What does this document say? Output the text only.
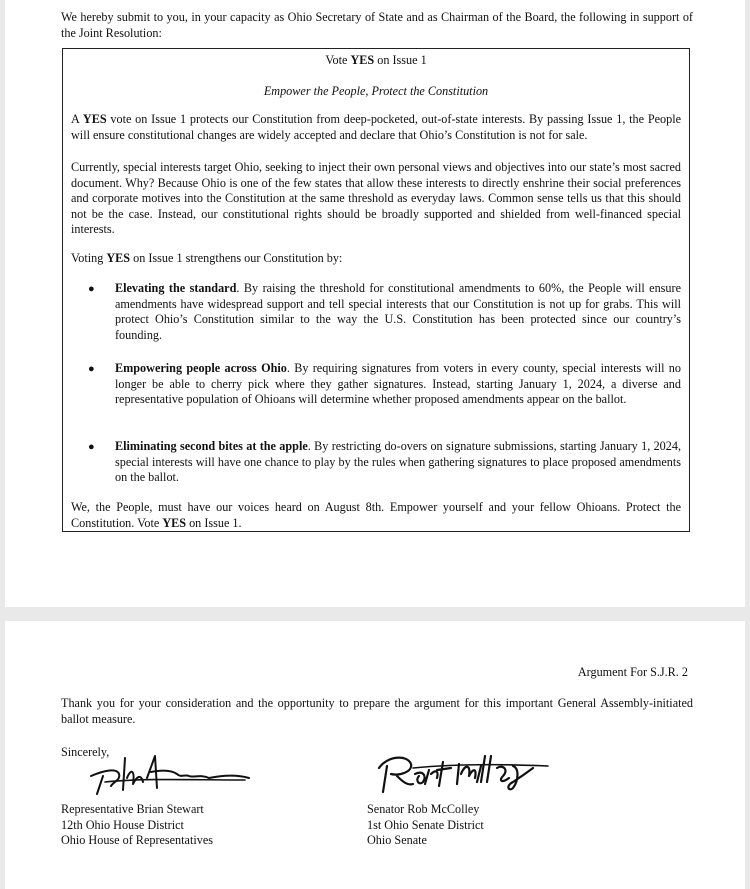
We hereby submit to you, in your capacity as Ohio Secretary of State and as Chairman of the Board, the following in support of the Joint Resolution:

Vote YES on Issue 1
Empower the People, Protect the Constitution

A YES vote on Issue 1 protects our Constitution from deep-pocketed, out-of-state interests. By passing Issue 1, the People will ensure constitutional changes are widely accepted and declare that Ohio’s Constitution is not for sale.

Currently, special interests target Ohio, seeking to inject their own personal views and objectives into our state’s most sacred document. Why? Because Ohio is one of the few states that allow these interests to directly enshrine their social preferences and corporate motives into the Constitution at the same threshold as everyday laws. Common sense tells us that this should not be the case. Instead, our constitutional rights should be broadly supported and shielded from well-financed special interests.

Voting YES on Issue 1 strengthens our Constitution by:

● Elevating the standard. By raising the threshold for constitutional amendments to 60%, the People will ensure amendments have widespread support and tell special interests that our Constitution is not up for grabs. This will protect Ohio’s Constitution similar to the way the U.S. Constitution has been protected since our country’s founding.
● Empowering people across Ohio. By requiring signatures from voters in every county, special interests will no longer be able to cherry pick where they gather signatures. Instead, starting January 1, 2024, a diverse and representative population of Ohioans will determine whether proposed amendments appear on the ballot.
● Eliminating second bites at the apple. By restricting do-overs on signature submissions, starting January 1, 2024, special interests will have one chance to play by the rules when gathering signatures to place proposed amendments on the ballot.

We, the People, must have our voices heard on August 8th. Empower yourself and your fellow Ohioans. Protect the Constitution. Vote YES on Issue 1.

Argument For S.J.R. 2

Thank you for your consideration and the opportunity to prepare the argument for this important General Assembly-initiated ballot measure.

Sincerely,
Representative Brian Stewart
12th Ohio House District
Ohio House of Representatives
Senator Rob McColley
1st Ohio Senate District
Ohio Senate
